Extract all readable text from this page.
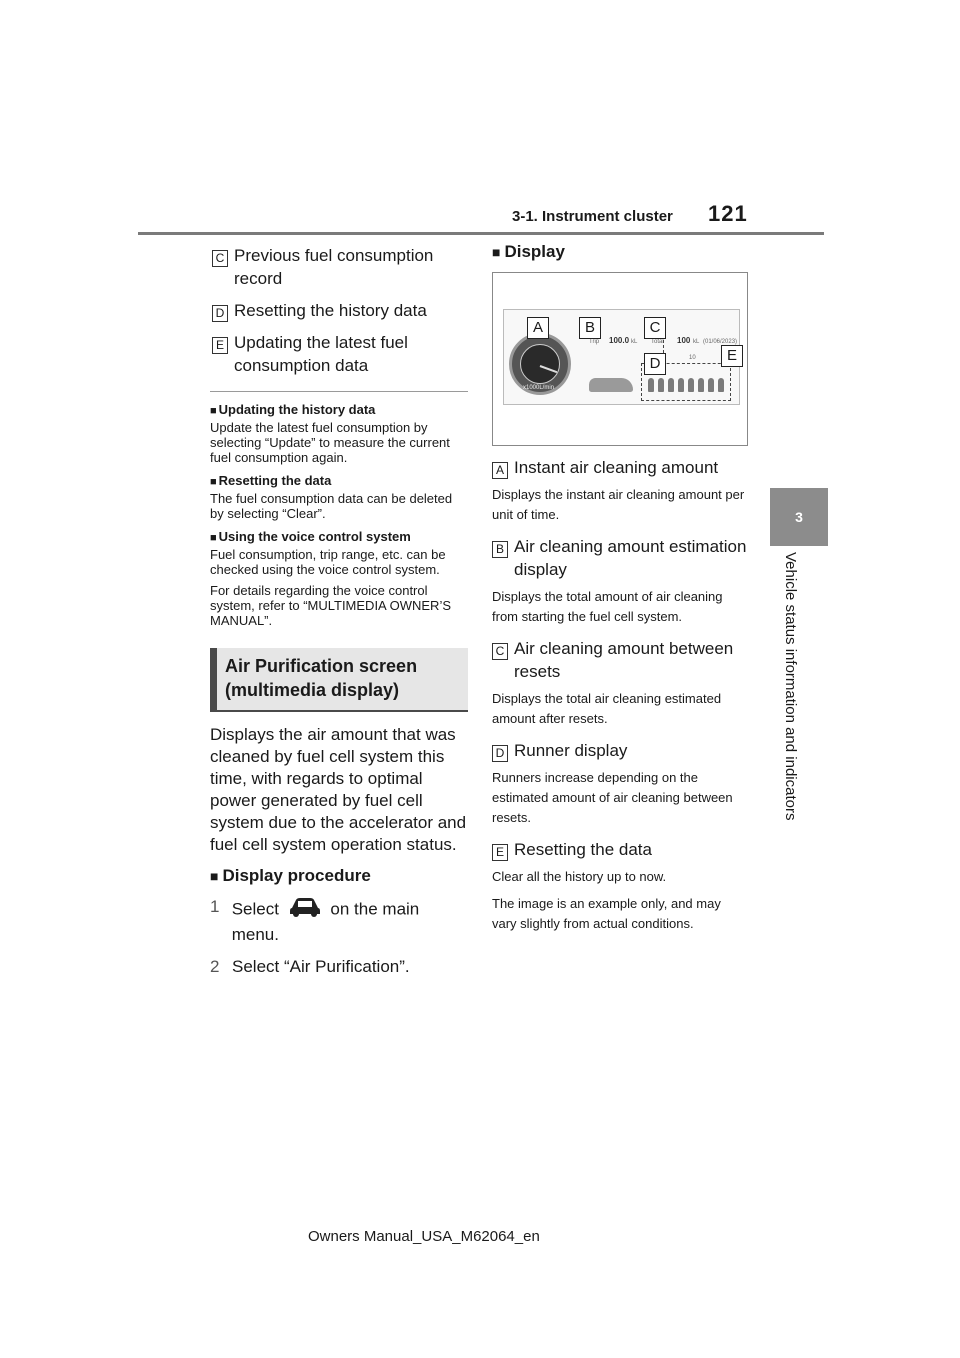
3-1. Instrument cluster 121
3
Vehicle status information and indicators
C Previous fuel consumption record
D Resetting the history data
E Updating the latest fuel consumption data
■ Updating the history data
Update the latest fuel consumption by selecting “Update” to measure the current fuel consumption again.
■ Resetting the data
The fuel consumption data can be deleted by selecting “Clear”.
■ Using the voice control system
Fuel consumption, trip range, etc. can be checked using the voice control system.
For details regarding the voice control system, refer to “MULTIMEDIA OWNER’S MANUAL”.
Air Purification screen (multimedia display)
Displays the air amount that was cleaned by fuel cell system this time, with regards to optimal power generated by fuel cell system due to the accelerator and fuel cell system operation status.
■ Display procedure
1 Select	on the main menu.
2 Select “Air Purification”.
■ Display
x1000L/min
Trip 100.0 kL Total 100 kL (01/06/2023)
10
A	B	C
E
D
A Instant air cleaning amount
Displays the instant air cleaning amount per unit of time.
B Air cleaning amount estimation display
Displays the total amount of air cleaning from starting the fuel cell system.
C Air cleaning amount between resets
Displays the total air cleaning estimated amount after resets.
D Runner display
Runners increase depending on the estimated amount of air cleaning between resets.
E Resetting the data
Clear all the history up to now.
The image is an example only, and may vary slightly from actual conditions.
Owners Manual_USA_M62064_en
